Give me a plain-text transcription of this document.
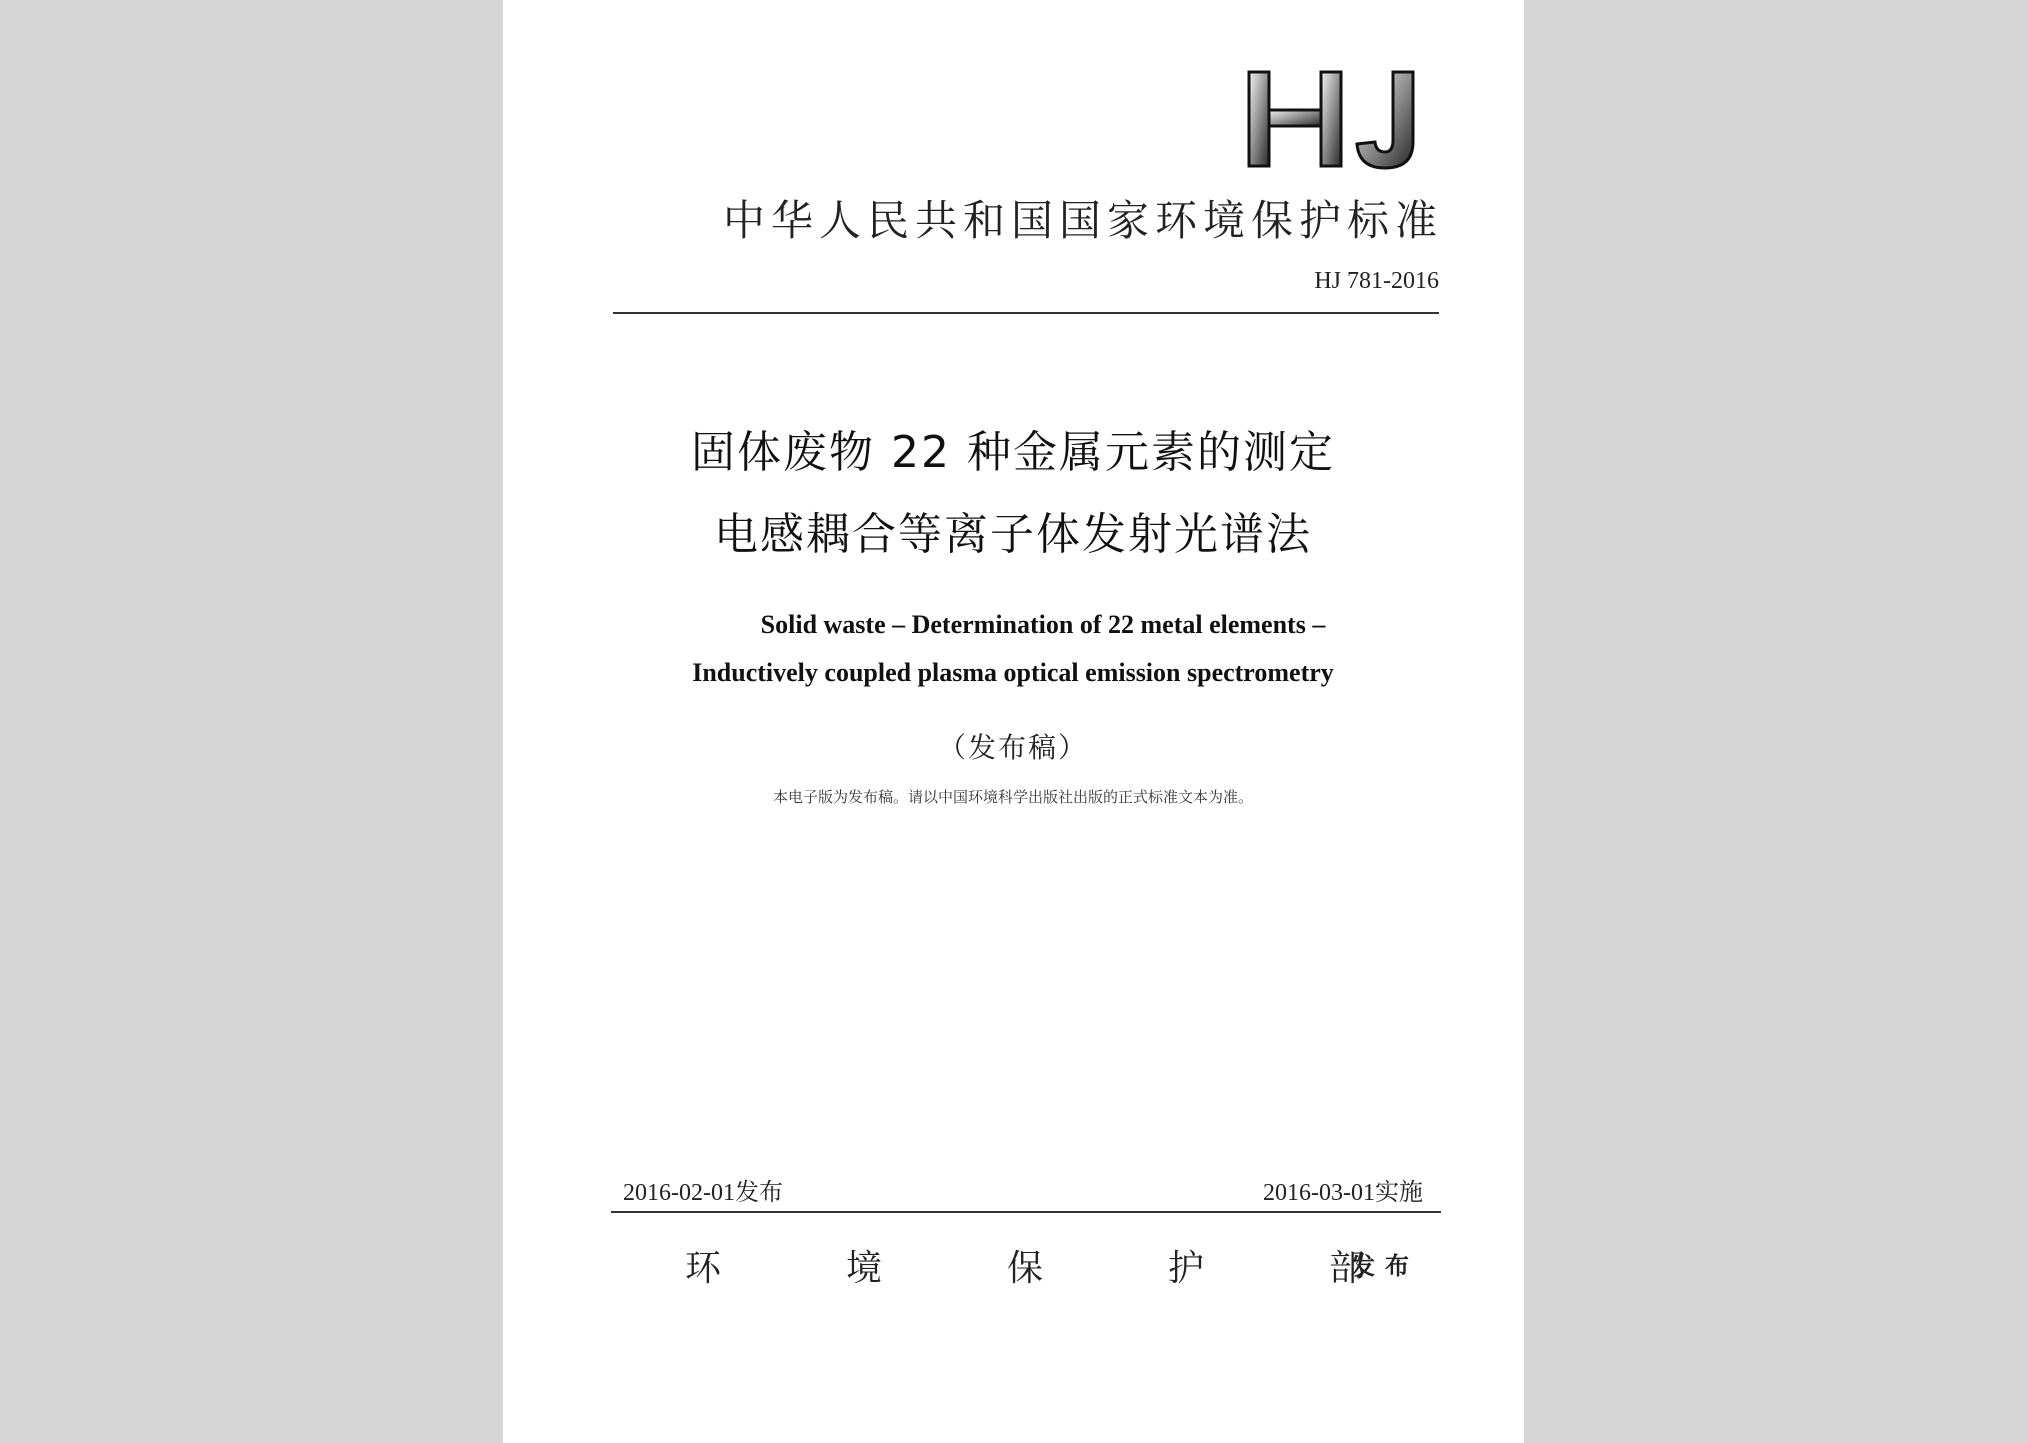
中华人民共和国国家环境保护标准
HJ 781-2016
固体废物 22 种金属元素的测定
电感耦合等离子体发射光谱法
Solid waste – Determination of 22 metal elements –
Inductively coupled plasma optical emission spectrometry
（发布稿）
本电子版为发布稿。请以中国环境科学出版社出版的正式标准文本为准。
2016-02-01发布	2016-03-01实施
环	境	保	护	部
发布
